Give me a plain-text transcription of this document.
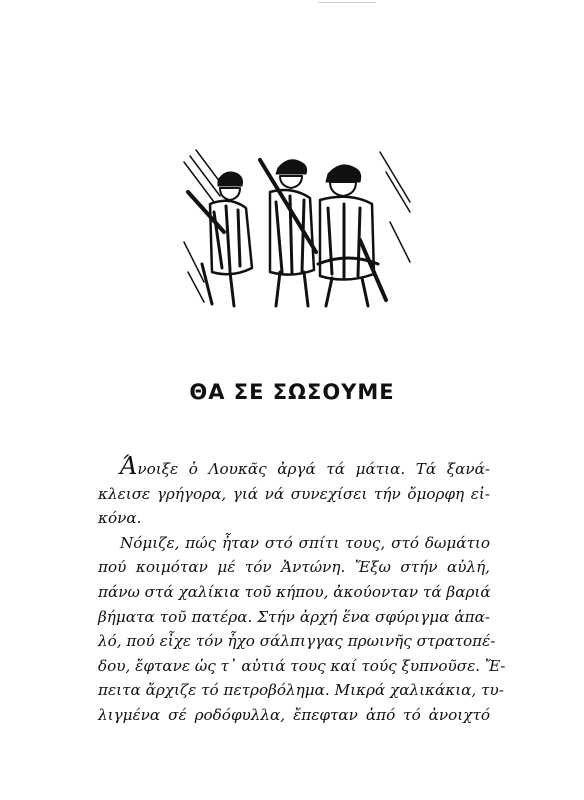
ΘΑ ΣΕ ΣΩΣΟΥΜΕ
Άνοιξε ὁ Λουκᾶς ἀργά τά μάτια. Τά ξανά-
κλεισε γρήγορα, γιά νά συνεχίσει τήν ὄμορφη εἰ-
κόνα.
Νόμιζε, πώς ἦταν στό σπίτι τους, στό δωμάτιο
πού κοιμόταν μέ τόν Ἀντώνη. Ἔξω στήν αὐλή,
πάνω στά χαλίκια τοῦ κήπου, ἀκούονταν τά βαριά
βήματα τοῦ πατέρα. Στήν ἀρχή ἕνα σφύριγμα ἁπα-
λό, πού εἶχε τόν ἦχο σάλπιγγας πρωινῆς στρατοπέ-
δου, ἔφτανε ὡς τ᾽ αὐτιά τους καί τούς ξυπνοῦσε. Ἔ-
πειτα ἄρχιζε τό πετροβόλημα. Μικρά χαλικάκια, τυ-
λιγμένα σέ ροδόφυλλα, ἔπεφταν ἀπό τό ἀνοιχτό
